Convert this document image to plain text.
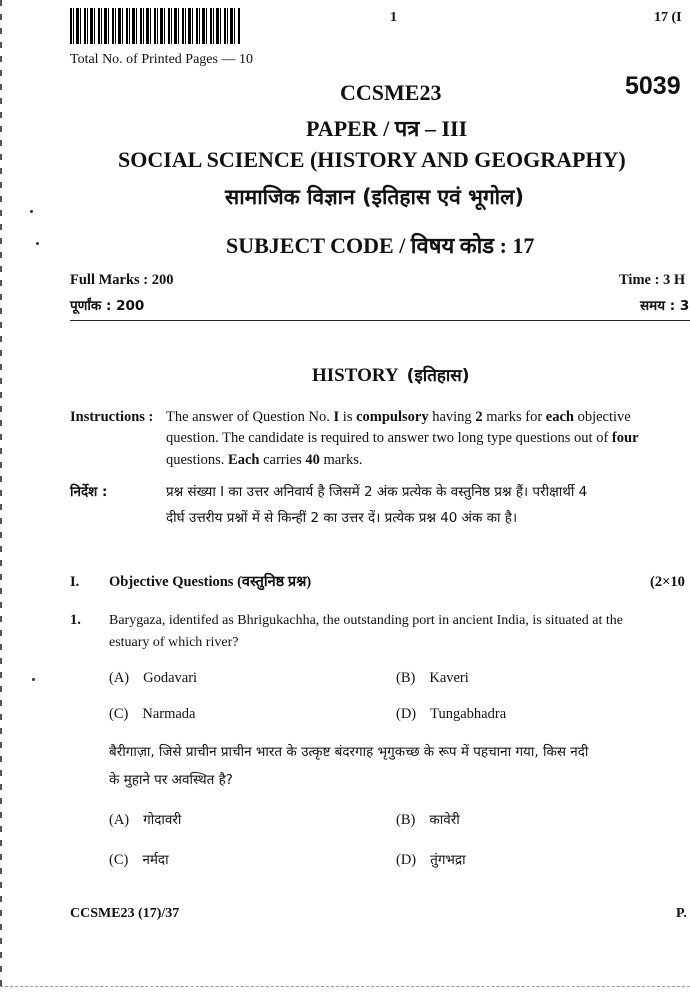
1	17 (I
Total No. of Printed Pages — 10
CCSME23	5039
PAPER / पत्र – III
SOCIAL SCIENCE (HISTORY AND GEOGRAPHY)
सामाजिक विज्ञान (इतिहास एवं भूगोल)
SUBJECT CODE / विषय कोड : 17
Full Marks : 200
पूर्णांक : 200
Time : 3 H
समय : 3
HISTORY (इतिहास)
Instructions : The answer of Question No. I is compulsory having 2 marks for each objective
question. The candidate is required to answer two long type questions out of four
questions. Each carries 40 marks.
निर्देश :	प्रश्न संख्या I का उत्तर अनिवार्य है जिसमें 2 अंक प्रत्येक के वस्तुनिष्ठ प्रश्न हैं। परीक्षार्थी 4
दीर्घ उत्तरीय प्रश्नों में से किन्हीं 2 का उत्तर दें। प्रत्येक प्रश्न 40 अंक का है।
I. Objective Questions (वस्तुनिष्ठ प्रश्न)	(2×10
1. Barygaza, identifed as Bhrigukachha, the outstanding port in ancient India, is situated at the
estuary of which river?
(A) Godavari	(B) Kaveri
(C) Narmada	(D) Tungabhadra
बैरीगाज़ा, जिसे प्राचीन प्राचीन भारत के उत्कृष्ट बंदरगाह भृगुकच्छ के रूप में पहचाना गया, किस नदी
के मुहाने पर अवस्थित है?
(A) गोदावरी	(B) कावेरी
(C) नर्मदा	(D) तुंगभद्रा
CCSME23 (17)/37	P.
